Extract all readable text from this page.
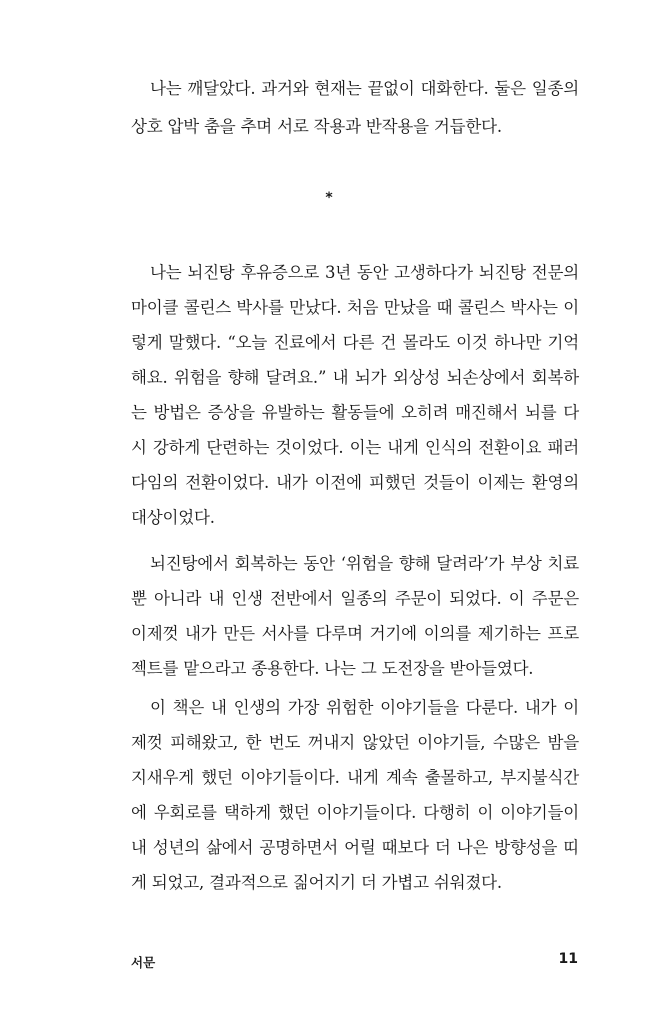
나는 깨달았다. 과거와 현재는 끝없이 대화한다. 둘은 일종의
상호 압박 춤을 추며 서로 작용과 반작용을 거듭한다.
*
나는 뇌진탕 후유증으로 3년 동안 고생하다가 뇌진탕 전문의
마이클 콜린스 박사를 만났다. 처음 만났을 때 콜린스 박사는 이
렇게 말했다. “오늘 진료에서 다른 건 몰라도 이것 하나만 기억
해요. 위험을 향해 달려요.” 내 뇌가 외상성 뇌손상에서 회복하
는 방법은 증상을 유발하는 활동들에 오히려 매진해서 뇌를 다
시 강하게 단련하는 것이었다. 이는 내게 인식의 전환이요 패러
다임의 전환이었다. 내가 이전에 피했던 것들이 이제는 환영의
대상이었다.
뇌진탕에서 회복하는 동안 ‘위험을 향해 달려라’가 부상 치료
뿐 아니라 내 인생 전반에서 일종의 주문이 되었다. 이 주문은
이제껏 내가 만든 서사를 다루며 거기에 이의를 제기하는 프로
젝트를 맡으라고 종용한다. 나는 그 도전장을 받아들였다.
이 책은 내 인생의 가장 위험한 이야기들을 다룬다. 내가 이
제껏 피해왔고, 한 번도 꺼내지 않았던 이야기들, 수많은 밤을
지새우게 했던 이야기들이다. 내게 계속 출몰하고, 부지불식간
에 우회로를 택하게 했던 이야기들이다. 다행히 이 이야기들이
내 성년의 삶에서 공명하면서 어릴 때보다 더 나은 방향성을 띠
게 되었고, 결과적으로 짊어지기 더 가볍고 쉬워졌다.
서문	11
